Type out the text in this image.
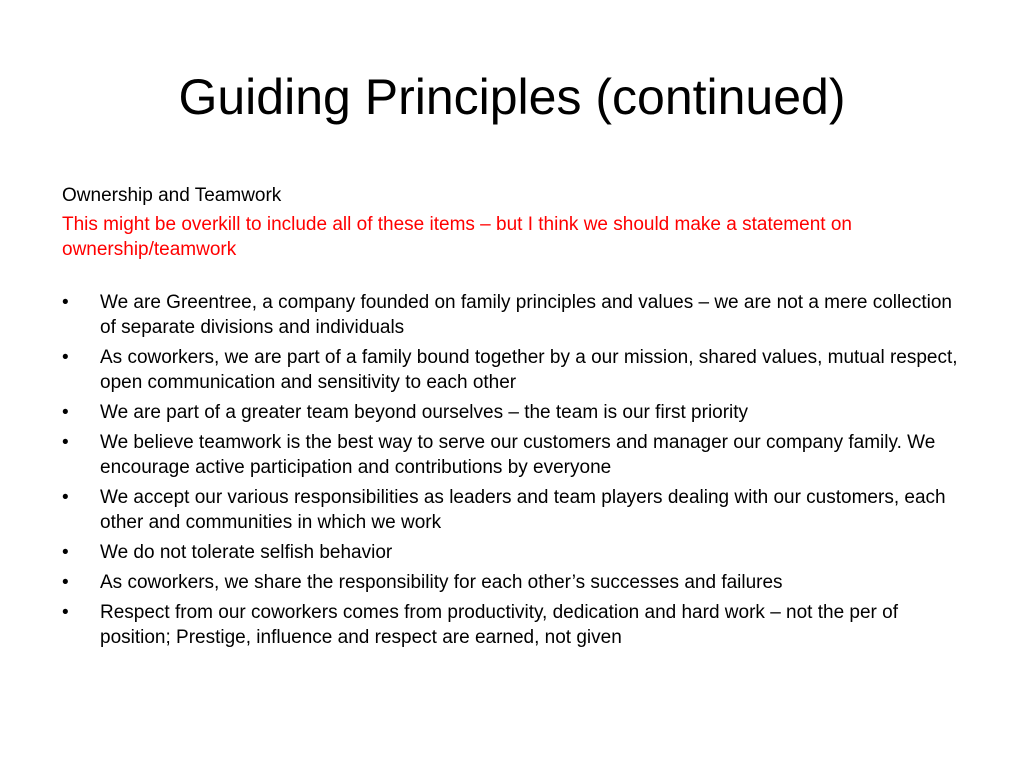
Guiding Principles (continued)

Ownership and Teamwork

This might be overkill to include all of these items – but I think we should make a statement on ownership/teamwork

•	We are Greentree, a company founded on family principles and values – we are not a mere collection of separate divisions and individuals
•	As coworkers, we are part of a family bound together by a our mission, shared values, mutual respect, open communication and sensitivity to each other
•	We are part of a greater team beyond ourselves – the team is our first priority
•	We believe teamwork is the best way to serve our customers and manager our company family. We encourage active participation and contributions by everyone
•	We accept our various responsibilities as leaders and team players dealing with our customers, each other and communities in which we work
•	We do not tolerate selfish behavior
•	As coworkers, we share the responsibility for each other’s successes and failures
•	Respect from our coworkers comes from productivity, dedication and hard work – not the per of position; Prestige, influence and respect are earned, not given
